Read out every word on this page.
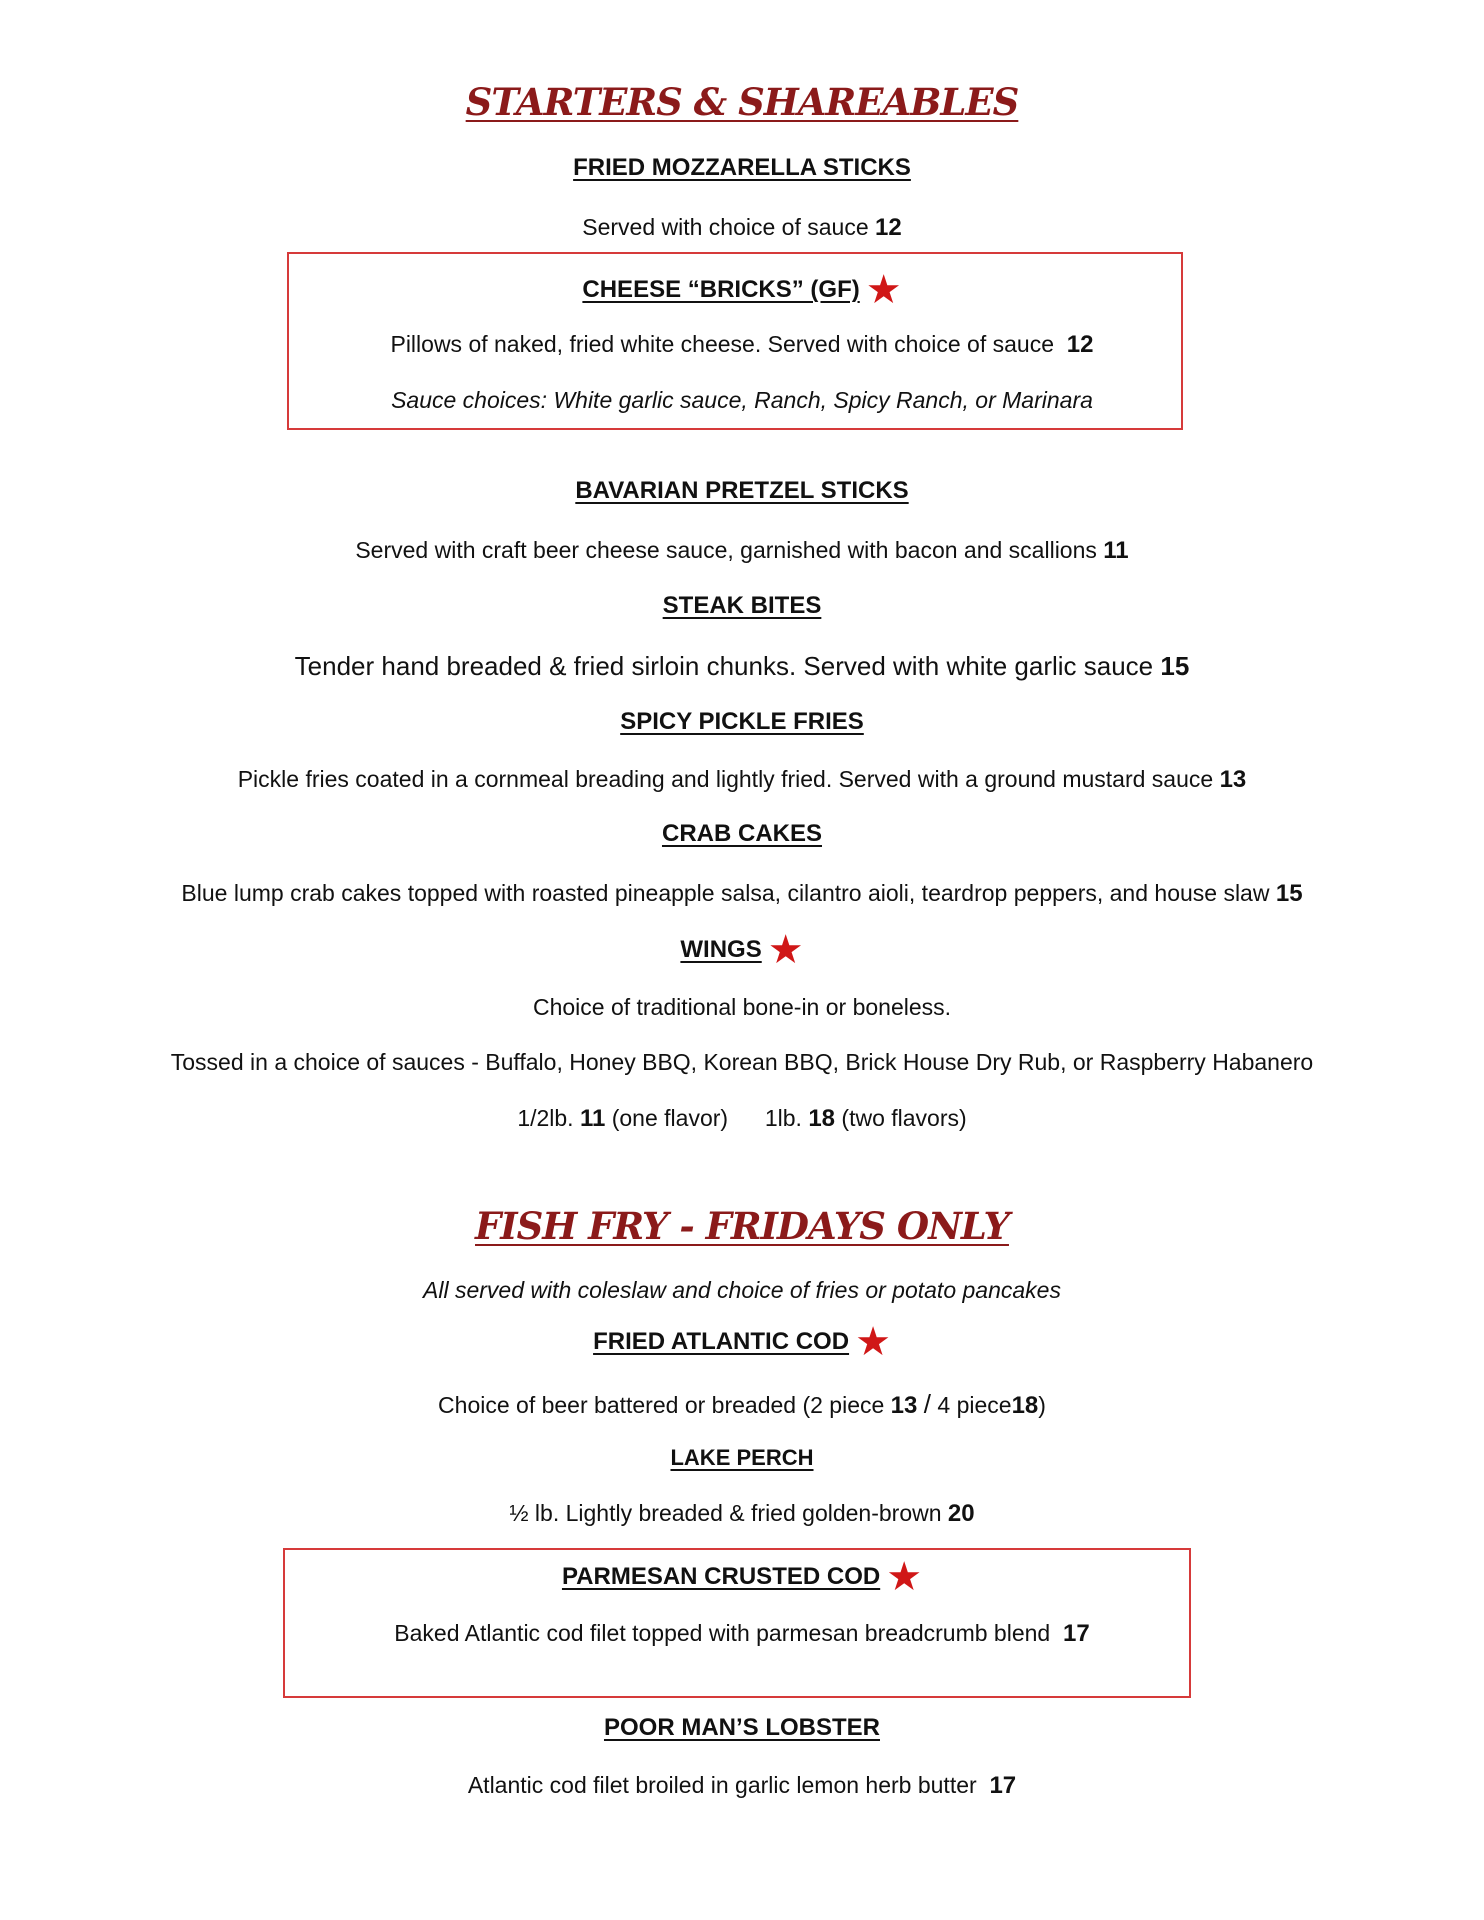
STARTERS & SHAREABLES
FRIED MOZZARELLA STICKS
Served with choice of sauce 12
CHEESE “BRICKS” (GF) ★
Pillows of naked, fried white cheese. Served with choice of sauce 12
Sauce choices: White garlic sauce, Ranch, Spicy Ranch, or Marinara
BAVARIAN PRETZEL STICKS
Served with craft beer cheese sauce, garnished with bacon and scallions 11
STEAK BITES
Tender hand breaded & fried sirloin chunks. Served with white garlic sauce 15
SPICY PICKLE FRIES
Pickle fries coated in a cornmeal breading and lightly fried. Served with a ground mustard sauce 13
CRAB CAKES
Blue lump crab cakes topped with roasted pineapple salsa, cilantro aioli, teardrop peppers, and house slaw 15
WINGS ★
Choice of traditional bone-in or boneless.
Tossed in a choice of sauces - Buffalo, Honey BBQ, Korean BBQ, Brick House Dry Rub, or Raspberry Habanero
1/2lb. 11 (one flavor) 1lb. 18 (two flavors)
FISH FRY - FRIDAYS ONLY
All served with coleslaw and choice of fries or potato pancakes
FRIED ATLANTIC COD ★
Choice of beer battered or breaded (2 piece 13 / 4 piece18)
LAKE PERCH
½ lb. Lightly breaded & fried golden-brown 20
PARMESAN CRUSTED COD ★
Baked Atlantic cod filet topped with parmesan breadcrumb blend 17
POOR MAN’S LOBSTER
Atlantic cod filet broiled in garlic lemon herb butter 17
